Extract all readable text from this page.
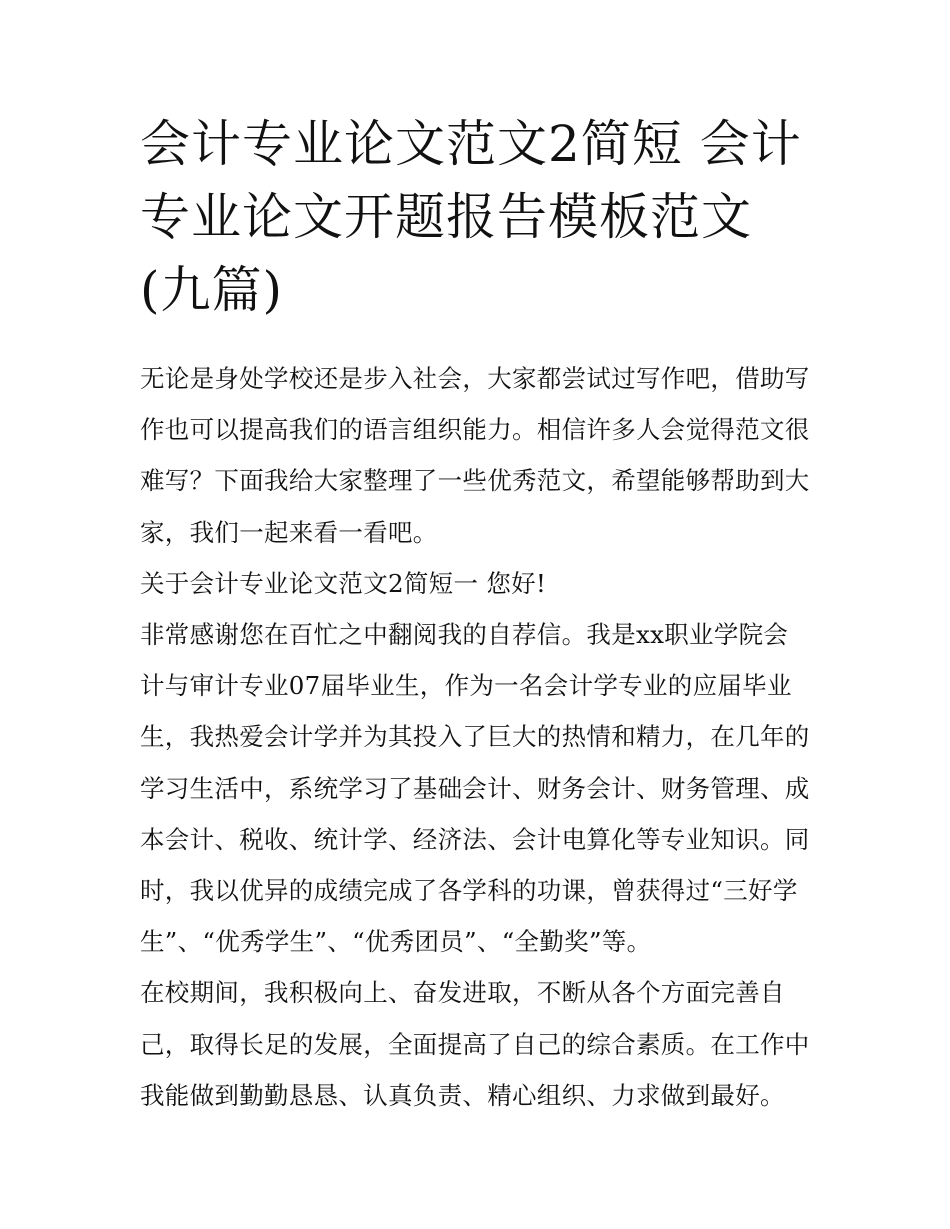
会计专业论文范文2简短 会计专业论文开题报告模板范文(九篇)

无论是身处学校还是步入社会，大家都尝试过写作吧，借助写作也可以提高我们的语言组织能力。相信许多人会觉得范文很难写？下面我给大家整理了一些优秀范文，希望能够帮助到大家，我们一起来看一看吧。

关于会计专业论文范文2简短一 您好!

非常感谢您在百忙之中翻阅我的自荐信。我是xx职业学院会计与审计专业07届毕业生，作为一名会计学专业的应届毕业生，我热爱会计学并为其投入了巨大的热情和精力，在几年的学习生活中，系统学习了基础会计、财务会计、财务管理、成本会计、税收、统计学、经济法、会计电算化等专业知识。同时，我以优异的成绩完成了各学科的功课，曾获得过“三好学生”、“优秀学生”、“优秀团员”、“全勤奖”等。

在校期间，我积极向上、奋发进取，不断从各个方面完善自己，取得长足的发展，全面提高了自己的综合素质。在工作中我能做到勤勤恳恳、认真负责、精心组织、力求做到最好。
